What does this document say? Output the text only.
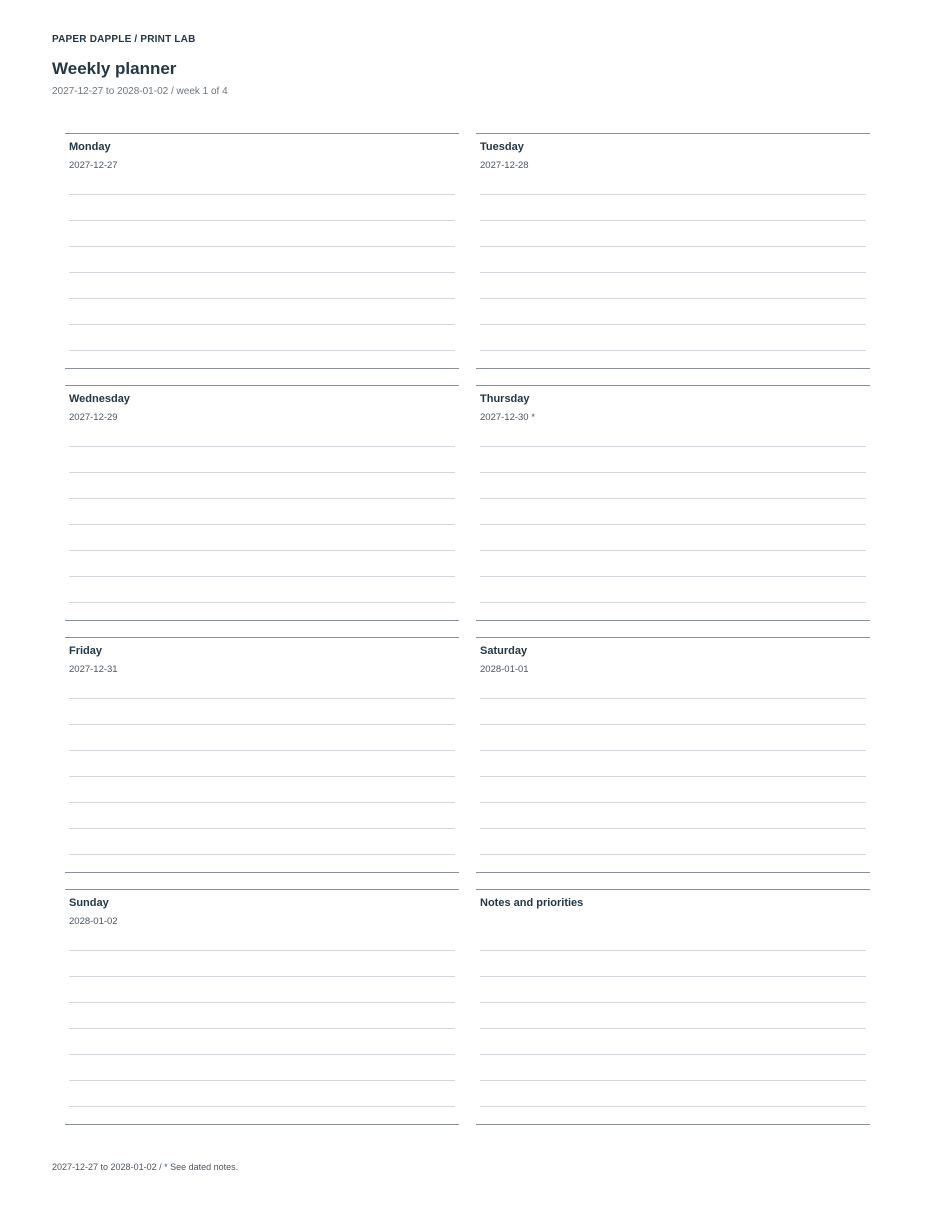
PAPER DAPPLE / PRINT LAB
Weekly planner
2027-12-27 to 2028-01-02 / week 1 of 4
Monday
2027-12-27
Tuesday
2027-12-28
Wednesday
2027-12-29
Thursday
2027-12-30 *
Friday
2027-12-31
Saturday
2028-01-01
Sunday
2028-01-02
Notes and priorities
2027-12-27 to 2028-01-02 / * See dated notes.
